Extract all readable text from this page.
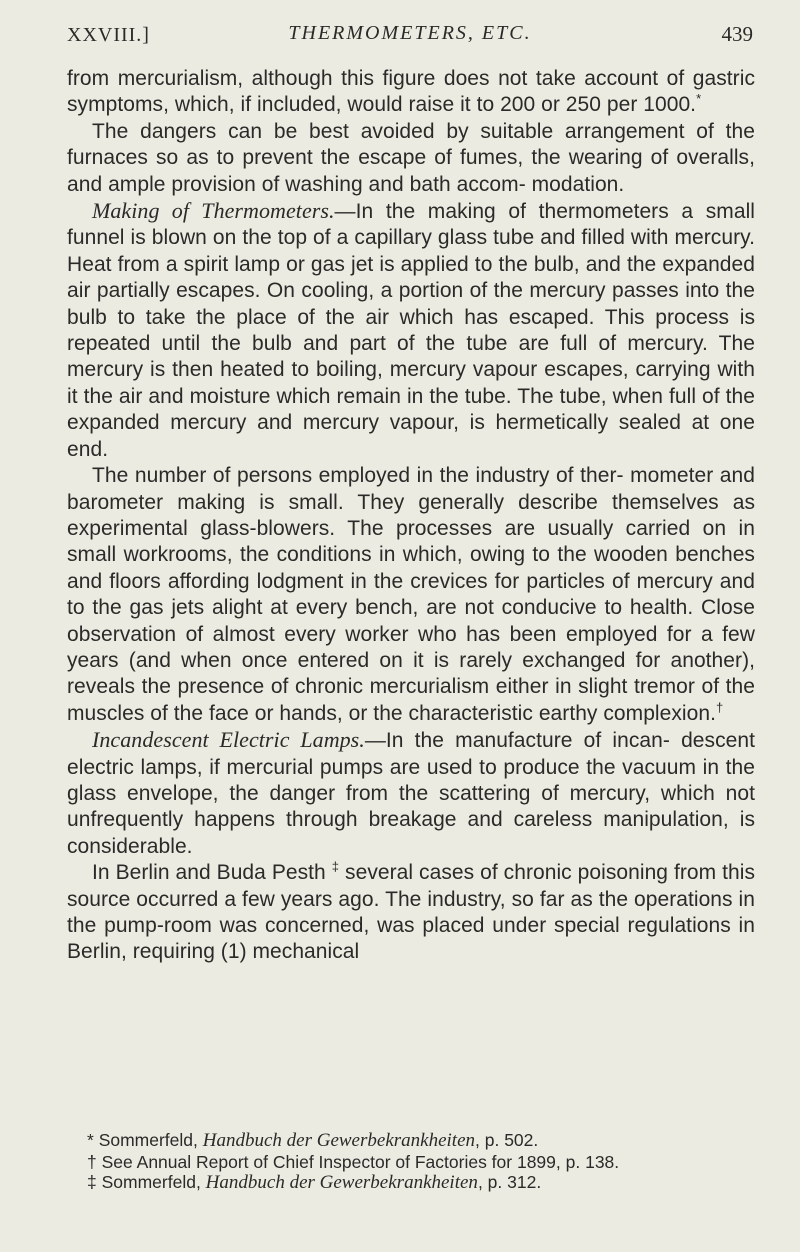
XXVIII.]	THERMOMETERS, ETC.	439

from mercurialism, although this figure does not take account of gastric symptoms, which, if included, would raise it to 200 or 250 per 1000.*

The dangers can be best avoided by suitable arrangement of the furnaces so as to prevent the escape of fumes, the wearing of overalls, and ample provision of washing and bath accom- modation.

Making of Thermometers.—In the making of thermometers a small funnel is blown on the top of a capillary glass tube and filled with mercury. Heat from a spirit lamp or gas jet is applied to the bulb, and the expanded air partially escapes. On cooling, a portion of the mercury passes into the bulb to take the place of the air which has escaped. This process is repeated until the bulb and part of the tube are full of mercury. The mercury is then heated to boiling, mercury vapour escapes, carrying with it the air and moisture which remain in the tube. The tube, when full of the expanded mercury and mercury vapour, is hermetically sealed at one end.

The number of persons employed in the industry of ther- mometer and barometer making is small. They generally describe themselves as experimental glass-blowers. The processes are usually carried on in small workrooms, the conditions in which, owing to the wooden benches and floors affording lodgment in the crevices for particles of mercury and to the gas jets alight at every bench, are not conducive to health. Close observation of almost every worker who has been employed for a few years (and when once entered on it is rarely exchanged for another), reveals the presence of chronic mercurialism either in slight tremor of the muscles of the face or hands, or the characteristic earthy complexion.†

Incandescent Electric Lamps.—In the manufacture of incan- descent electric lamps, if mercurial pumps are used to produce the vacuum in the glass envelope, the danger from the scattering of mercury, which not unfrequently happens through breakage and careless manipulation, is considerable.

In Berlin and Buda Pesth ‡ several cases of chronic poisoning from this source occurred a few years ago. The industry, so far as the operations in the pump-room was concerned, was placed under special regulations in Berlin, requiring (1) mechanical

* Sommerfeld, Handbuch der Gewerbekrankheiten, p. 502.
† See Annual Report of Chief Inspector of Factories for 1899, p. 138.
‡ Sommerfeld, Handbuch der Gewerbekrankheiten, p. 312.
